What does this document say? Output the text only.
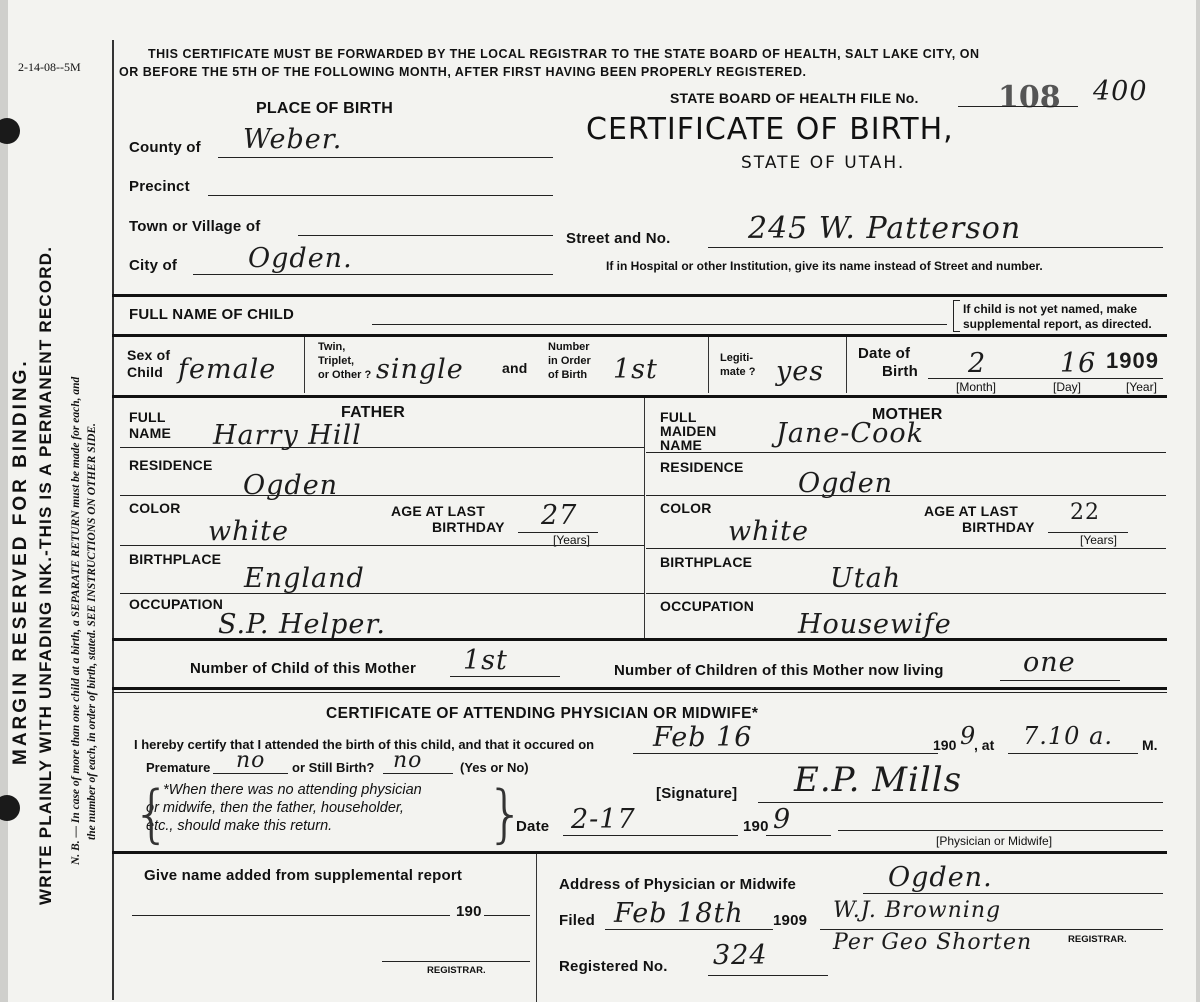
2-14-08--5M
MARGIN RESERVED FOR BINDING. WRITE PLAINLY WITH UNFADING INK.-THIS IS A PERMANENT RECORD. N. B. — In case of more than one child at a birth, a SEPARATE RETURN must be made for each, and the number of each, in order of birth, stated. SEE INSTRUCTIONS ON OTHER SIDE.
THIS CERTIFICATE MUST BE FORWARDED BY THE LOCAL REGISTRAR TO THE STATE BOARD OF HEALTH, SALT LAKE CITY, ON
OR BEFORE THE 5TH OF THE FOLLOWING MONTH, AFTER FIRST HAVING BEEN PROPERLY REGISTERED.
STATE BOARD OF HEALTH FILE No.	108 400
PLACE OF BIRTH
CERTIFICATE OF BIRTH,
STATE OF UTAH.
County of Weber.
Precinct
Town or Village of
City of	Ogden.
Street and No.	245 W. Patterson
If in Hospital or other Institution, give its name instead of Street and number.
FULL NAME OF CHILD	If child is not yet named, make
supplemental report, as directed.
Sex of
Child female
Twin,
Triplet,
or Other ? single	and
Number
in Order
of Birth 1st	Legiti-
mate ? yes
Date of
Birth 2	16 1909
[Month]	[Day]	[Year]
FATHER	MOTHER
FULL
NAME Harry Hill
FULL
MAIDEN
NAME	Jane-Cook
RESIDENCE
Ogden
RESIDENCE
Ogden
COLOR
white
AGE AT LAST
BIRTHDAY 27
[Years]
COLOR
white
AGE AT LAST
BIRTHDAY
22
[Years]
BIRTHPLACE
England
BIRTHPLACE
Utah
OCCUPATION
S.P. Helper.
OCCUPATION
Housewife
Number of Child of this Mother 1st	Number of Children of this Mother now living	one
CERTIFICATE OF ATTENDING PHYSICIAN OR MIDWIFE*
I hereby certify that I attended the birth of this child, and that it occured on Feb 16	190 9
, at 7.10 a. M.
Premature no or Still Birth? no	(Yes or No)
*When there was no attending physician
or midwife, then the father, householder,
etc., should make this return.
{	}	[Signature] E.P. Mills
Date 2-17	190 9
[Physician or Midwife]
Give name added from supplemental report
190
REGISTRAR.
Address of Physician or Midwife	Ogden.
Filed Feb 18th 1909 W.J. Browning
REGISTRAR.
Per Geo Shorten
Registered No. 324
